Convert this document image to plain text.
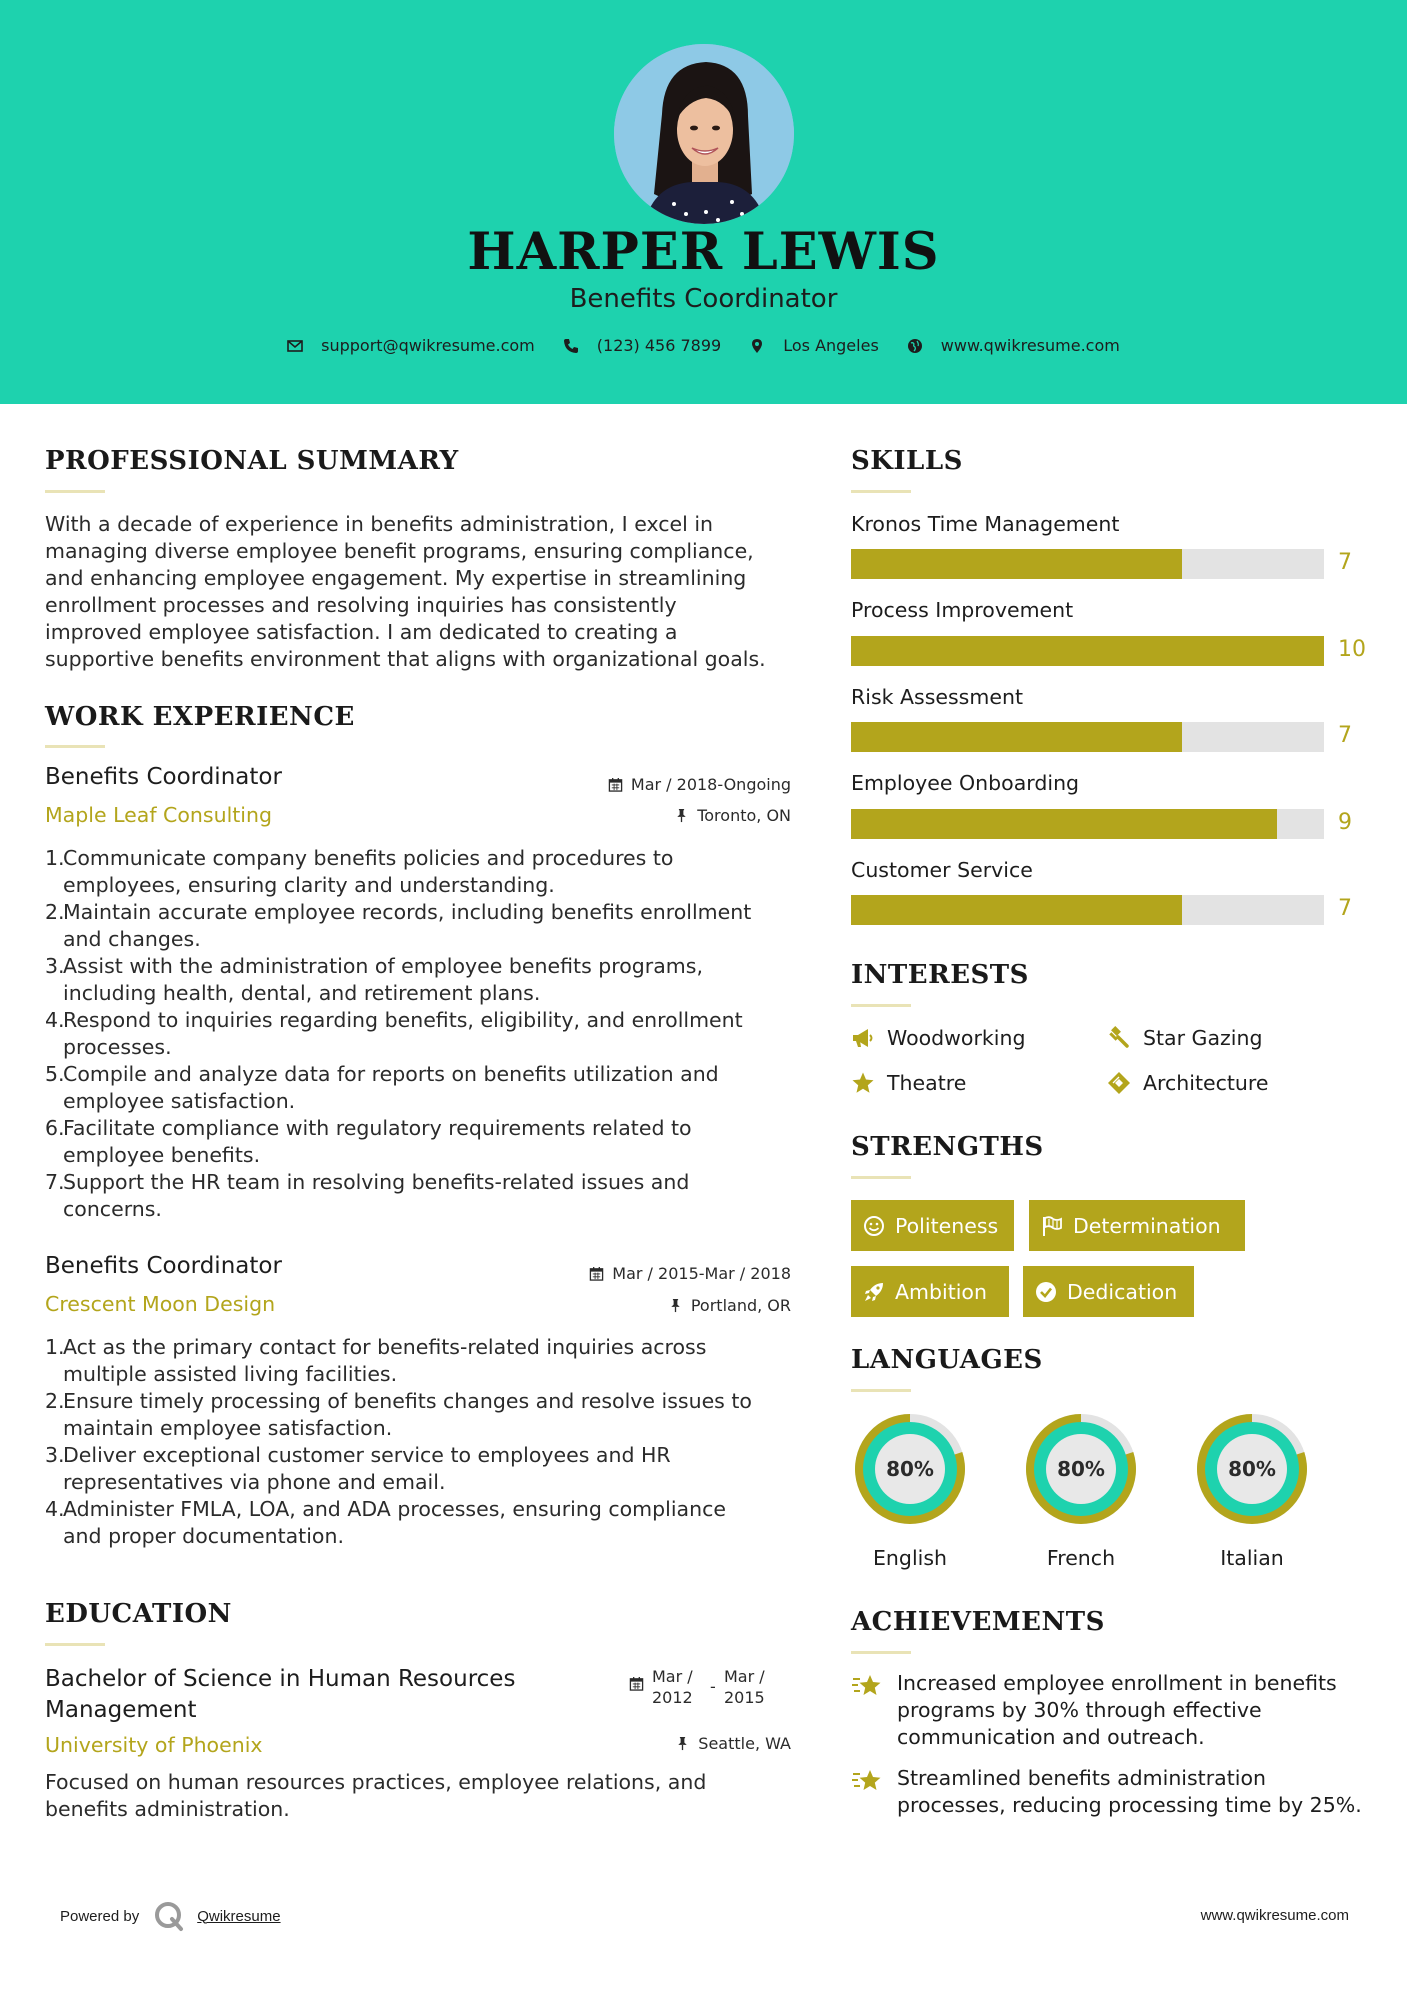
HARPER LEWIS
Benefits Coordinator
support@qwikresume.com	(123) 456 7899	Los Angeles	www.qwikresume.com
PROFESSIONAL SUMMARY
With a decade of experience in benefits administration, I excel in
managing diverse employee benefit programs, ensuring compliance,
and enhancing employee engagement. My expertise in streamlining
enrollment processes and resolving inquiries has consistently
improved employee satisfaction. I am dedicated to creating a
supportive benefits environment that aligns with organizational goals.
WORK EXPERIENCE
Benefits Coordinator	Mar / 2018-Ongoing
Maple Leaf Consulting	Toronto, ON
1.
Communicate company benefits policies and procedures to
employees, ensuring clarity and understanding.
2.
Maintain accurate employee records, including benefits enrollment
and changes.
3.
Assist with the administration of employee benefits programs,
including health, dental, and retirement plans.
4.
Respond to inquiries regarding benefits, eligibility, and enrollment
processes.
5.
Compile and analyze data for reports on benefits utilization and
employee satisfaction.
6.
Facilitate compliance with regulatory requirements related to
employee benefits.
7.
Support the HR team in resolving benefits-related issues and
concerns.
Benefits Coordinator	Mar / 2015-Mar / 2018
Crescent Moon Design	Portland, OR
1.
Act as the primary contact for benefits-related inquiries across
multiple assisted living facilities.
2.
Ensure timely processing of benefits changes and resolve issues to
maintain employee satisfaction.
3.
Deliver exceptional customer service to employees and HR
representatives via phone and email.
4.
Administer FMLA, LOA, and ADA processes, ensuring compliance
and proper documentation.
EDUCATION
Bachelor of Science in Human Resources
Management
Mar /
2012
-
Mar /
2015
University of Phoenix	Seattle, WA
Focused on human resources practices, employee relations, and
benefits administration.
SKILLS
Kronos Time Management
7
Process Improvement
10
Risk Assessment
7
Employee Onboarding
9
Customer Service
7
INTERESTS
Woodworking	Star Gazing
Theatre	Architecture
STRENGTHS
Politeness	Determination
Ambition	Dedication
LANGUAGES
80%
English
80%
French
80%
Italian
ACHIEVEMENTS
Increased employee enrollment in benefits
programs by 30% through effective
communication and outreach.
Streamlined benefits administration
processes, reducing processing time by 25%.
Powered by	Qwikresume	www.qwikresume.com
